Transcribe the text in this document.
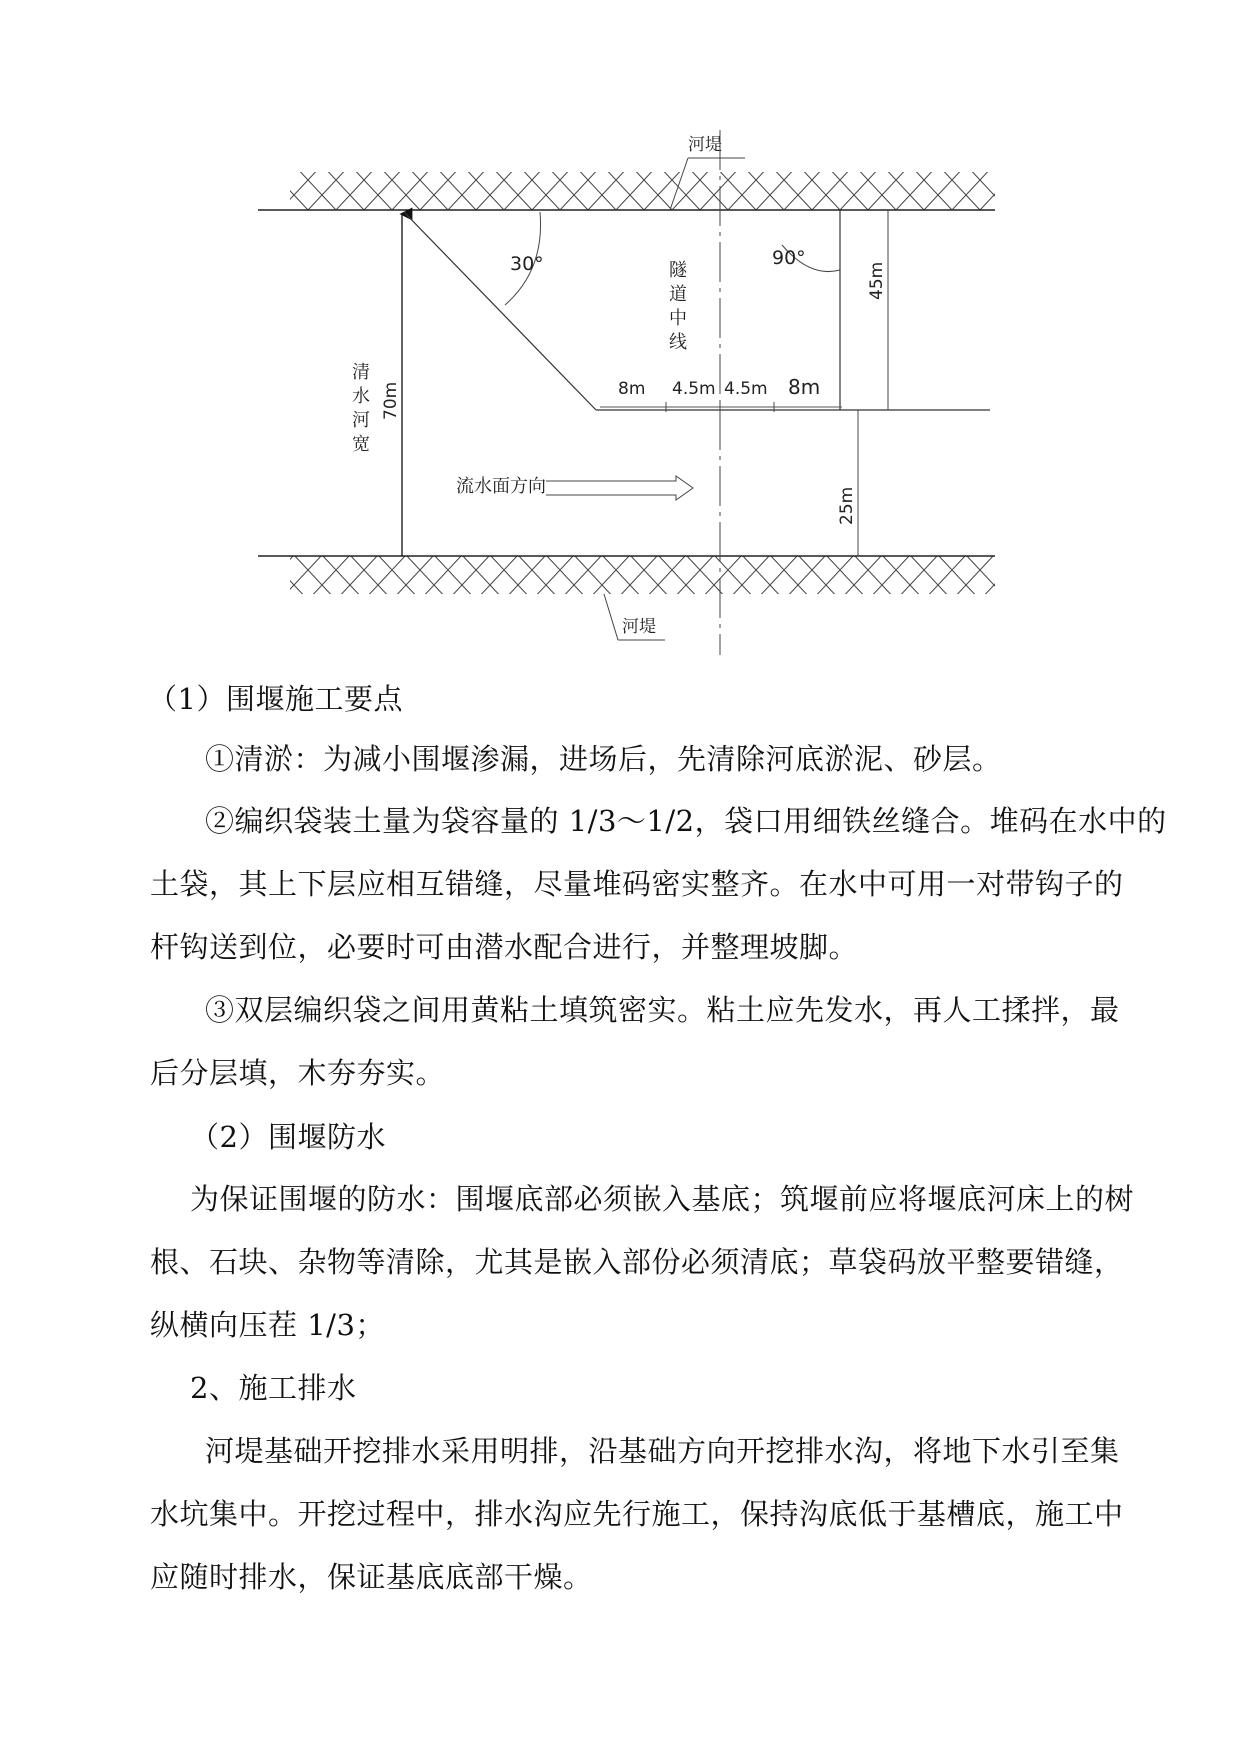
河堤
河堤
隧
道
中
线
70m
清
水
河
宽
30°	90°
8m 4.5m 4.5m 8m
45m
25m
流水面方向

（1）围堰施工要点

①清淤：为减小围堰渗漏，进场后，先清除河底淤泥、砂层。

②编织袋装土量为袋容量的 1/3～1/2，袋口用细铁丝缝合。堆码在水中的
土袋，其上下层应相互错缝，尽量堆码密实整齐。在水中可用一对带钩子的
杆钩送到位，必要时可由潜水配合进行，并整理坡脚。
③双层编织袋之间用黄粘土填筑密实。粘土应先发水，再人工揉拌，最
后分层填，木夯夯实。

（2）围堰防水

为保证围堰的防水：围堰底部必须嵌入基底；筑堰前应将堰底河床上的树
根、石块、杂物等清除，尤其是嵌入部份必须清底；草袋码放平整要错缝，
纵横向压茬 1/3；

2、施工排水

河堤基础开挖排水采用明排，沿基础方向开挖排水沟，将地下水引至集
水坑集中。开挖过程中，排水沟应先行施工，保持沟底低于基槽底，施工中
应随时排水，保证基底底部干燥。
